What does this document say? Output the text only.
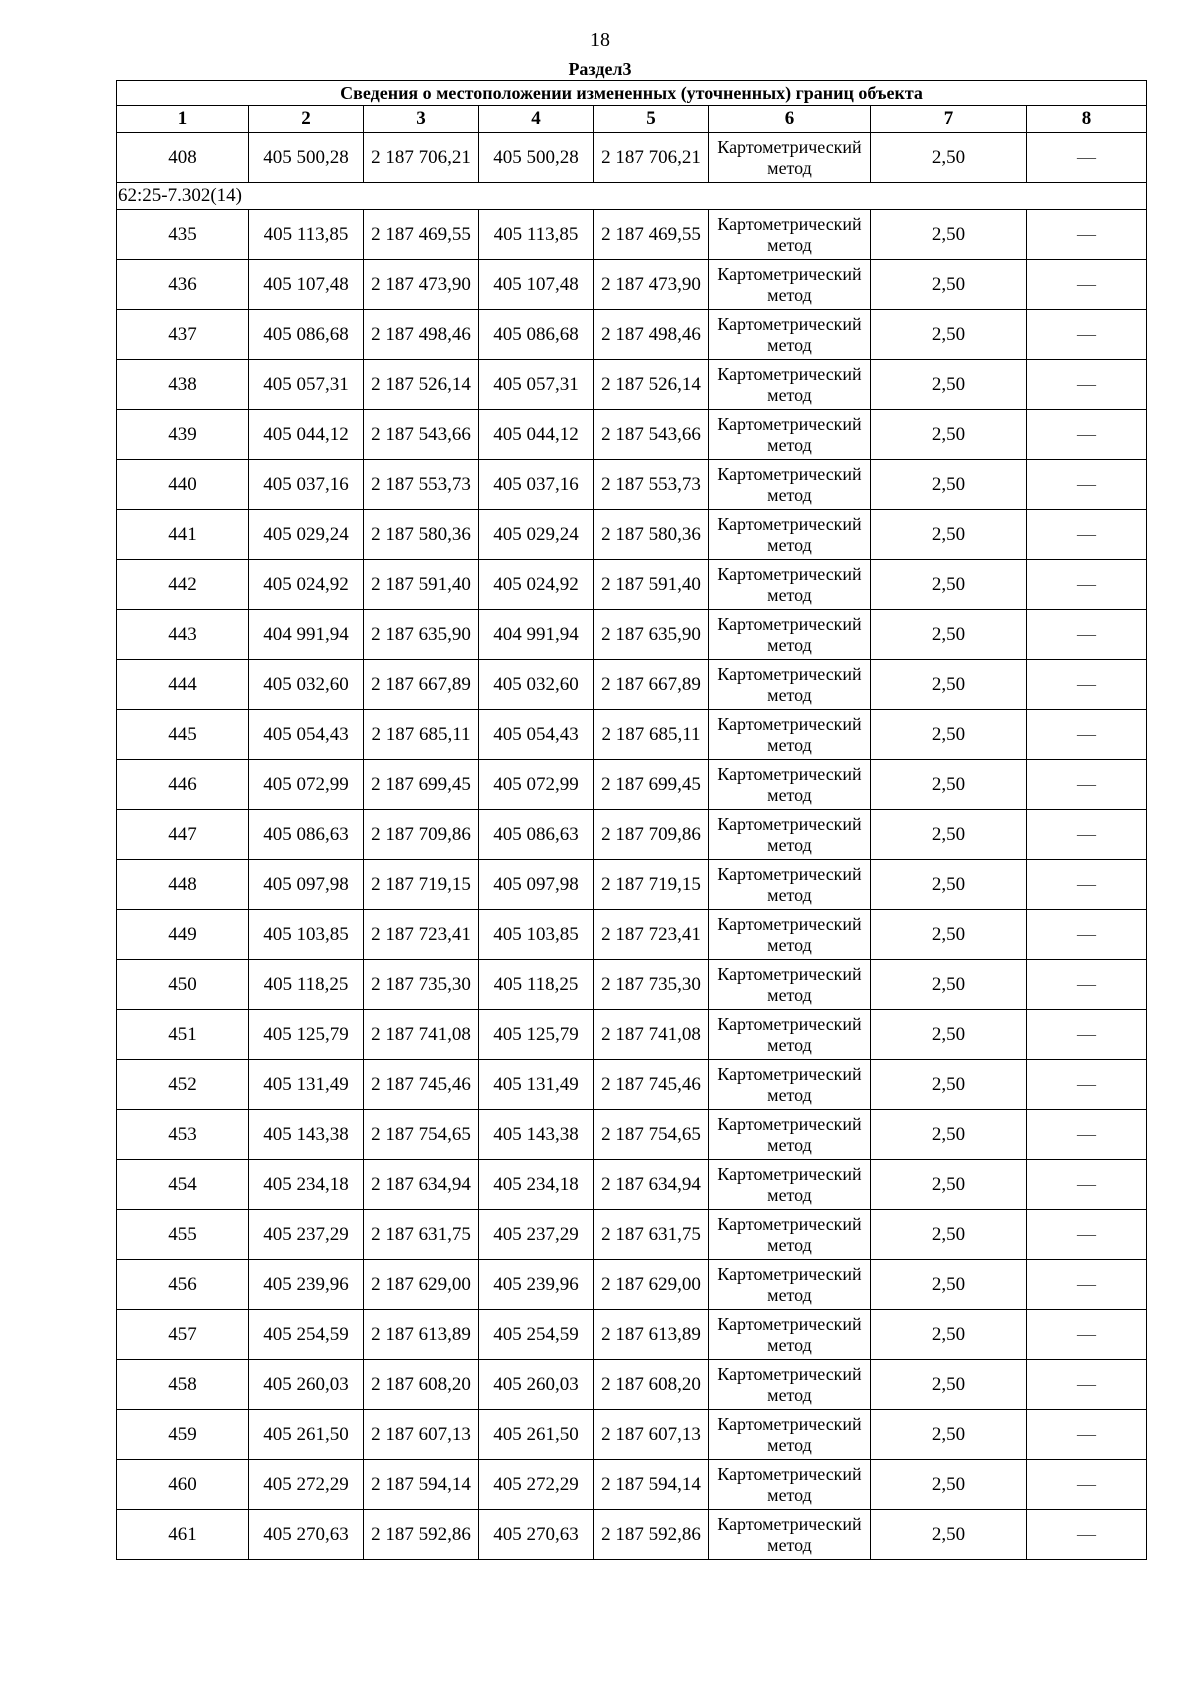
18
Раздел3
Сведения о местоположении измененных (уточненных) границ объекта							
1	2	3	4	5	6	7	8
408	405 500,28	2 187 706,21	405 500,28	2 187 706,21	Картометрический метод	2,50	—
62:25-7.302(14)							
435	405 113,85	2 187 469,55	405 113,85	2 187 469,55	Картометрический метод	2,50	—
436	405 107,48	2 187 473,90	405 107,48	2 187 473,90	Картометрический метод	2,50	—
437	405 086,68	2 187 498,46	405 086,68	2 187 498,46	Картометрический метод	2,50	—
438	405 057,31	2 187 526,14	405 057,31	2 187 526,14	Картометрический метод	2,50	—
439	405 044,12	2 187 543,66	405 044,12	2 187 543,66	Картометрический метод	2,50	—
440	405 037,16	2 187 553,73	405 037,16	2 187 553,73	Картометрический метод	2,50	—
441	405 029,24	2 187 580,36	405 029,24	2 187 580,36	Картометрический метод	2,50	—
442	405 024,92	2 187 591,40	405 024,92	2 187 591,40	Картометрический метод	2,50	—
443	404 991,94	2 187 635,90	404 991,94	2 187 635,90	Картометрический метод	2,50	—
444	405 032,60	2 187 667,89	405 032,60	2 187 667,89	Картометрический метод	2,50	—
445	405 054,43	2 187 685,11	405 054,43	2 187 685,11	Картометрический метод	2,50	—
446	405 072,99	2 187 699,45	405 072,99	2 187 699,45	Картометрический метод	2,50	—
447	405 086,63	2 187 709,86	405 086,63	2 187 709,86	Картометрический метод	2,50	—
448	405 097,98	2 187 719,15	405 097,98	2 187 719,15	Картометрический метод	2,50	—
449	405 103,85	2 187 723,41	405 103,85	2 187 723,41	Картометрический метод	2,50	—
450	405 118,25	2 187 735,30	405 118,25	2 187 735,30	Картометрический метод	2,50	—
451	405 125,79	2 187 741,08	405 125,79	2 187 741,08	Картометрический метод	2,50	—
452	405 131,49	2 187 745,46	405 131,49	2 187 745,46	Картометрический метод	2,50	—
453	405 143,38	2 187 754,65	405 143,38	2 187 754,65	Картометрический метод	2,50	—
454	405 234,18	2 187 634,94	405 234,18	2 187 634,94	Картометрический метод	2,50	—
455	405 237,29	2 187 631,75	405 237,29	2 187 631,75	Картометрический метод	2,50	—
456	405 239,96	2 187 629,00	405 239,96	2 187 629,00	Картометрический метод	2,50	—
457	405 254,59	2 187 613,89	405 254,59	2 187 613,89	Картометрический метод	2,50	—
458	405 260,03	2 187 608,20	405 260,03	2 187 608,20	Картометрический метод	2,50	—
459	405 261,50	2 187 607,13	405 261,50	2 187 607,13	Картометрический метод	2,50	—
460	405 272,29	2 187 594,14	405 272,29	2 187 594,14	Картометрический метод	2,50	—
461	405 270,63	2 187 592,86	405 270,63	2 187 592,86	Картометрический метод	2,50	—
